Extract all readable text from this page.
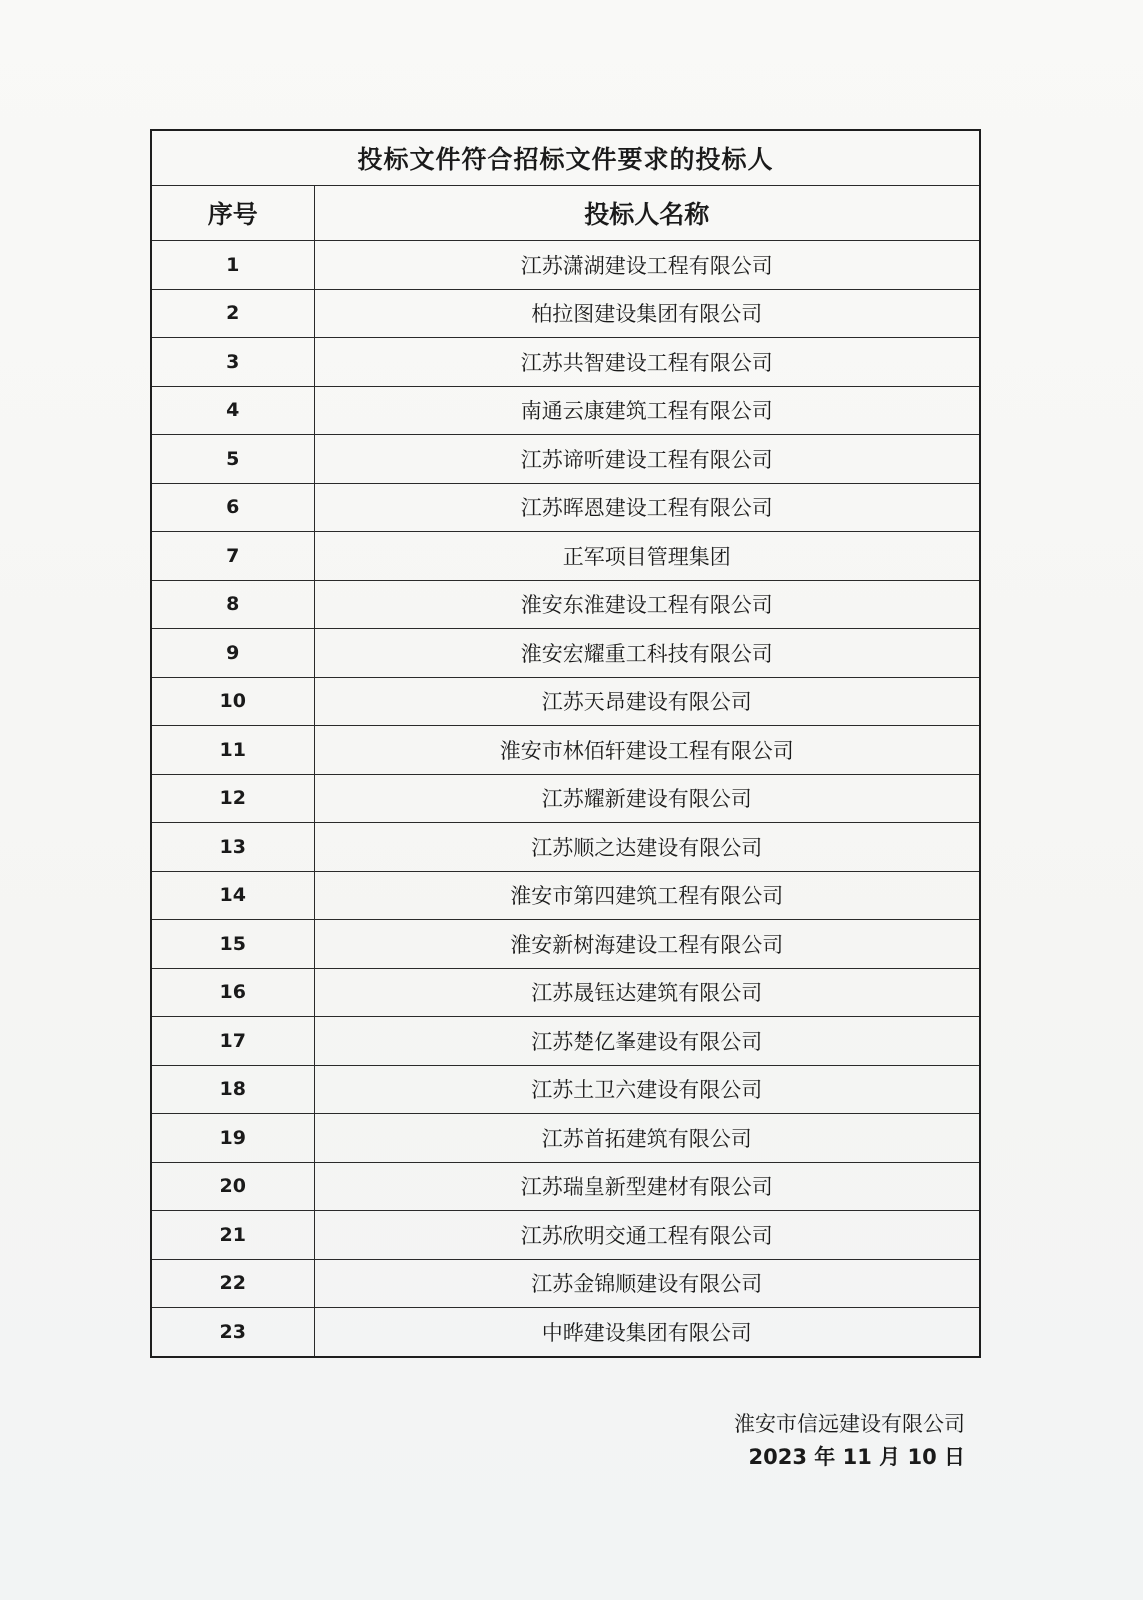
投标文件符合招标文件要求的投标人	
序号	投标人名称
1	江苏潇湖建设工程有限公司
2	柏拉图建设集团有限公司
3	江苏共智建设工程有限公司
4	南通云康建筑工程有限公司
5	江苏谛听建设工程有限公司
6	江苏晖恩建设工程有限公司
7	正军项目管理集团
8	淮安东淮建设工程有限公司
9	淮安宏耀重工科技有限公司
10	江苏天昂建设有限公司
11	淮安市林佰轩建设工程有限公司
12	江苏耀新建设有限公司
13	江苏顺之达建设有限公司
14	淮安市第四建筑工程有限公司
15	淮安新树海建设工程有限公司
16	江苏晟钰达建筑有限公司
17	江苏楚亿峯建设有限公司
18	江苏土卫六建设有限公司
19	江苏首拓建筑有限公司
20	江苏瑞皇新型建材有限公司
21	江苏欣明交通工程有限公司
22	江苏金锦顺建设有限公司
23	中晔建设集团有限公司
淮安市信远建设有限公司
2023 年 11 月 10 日
